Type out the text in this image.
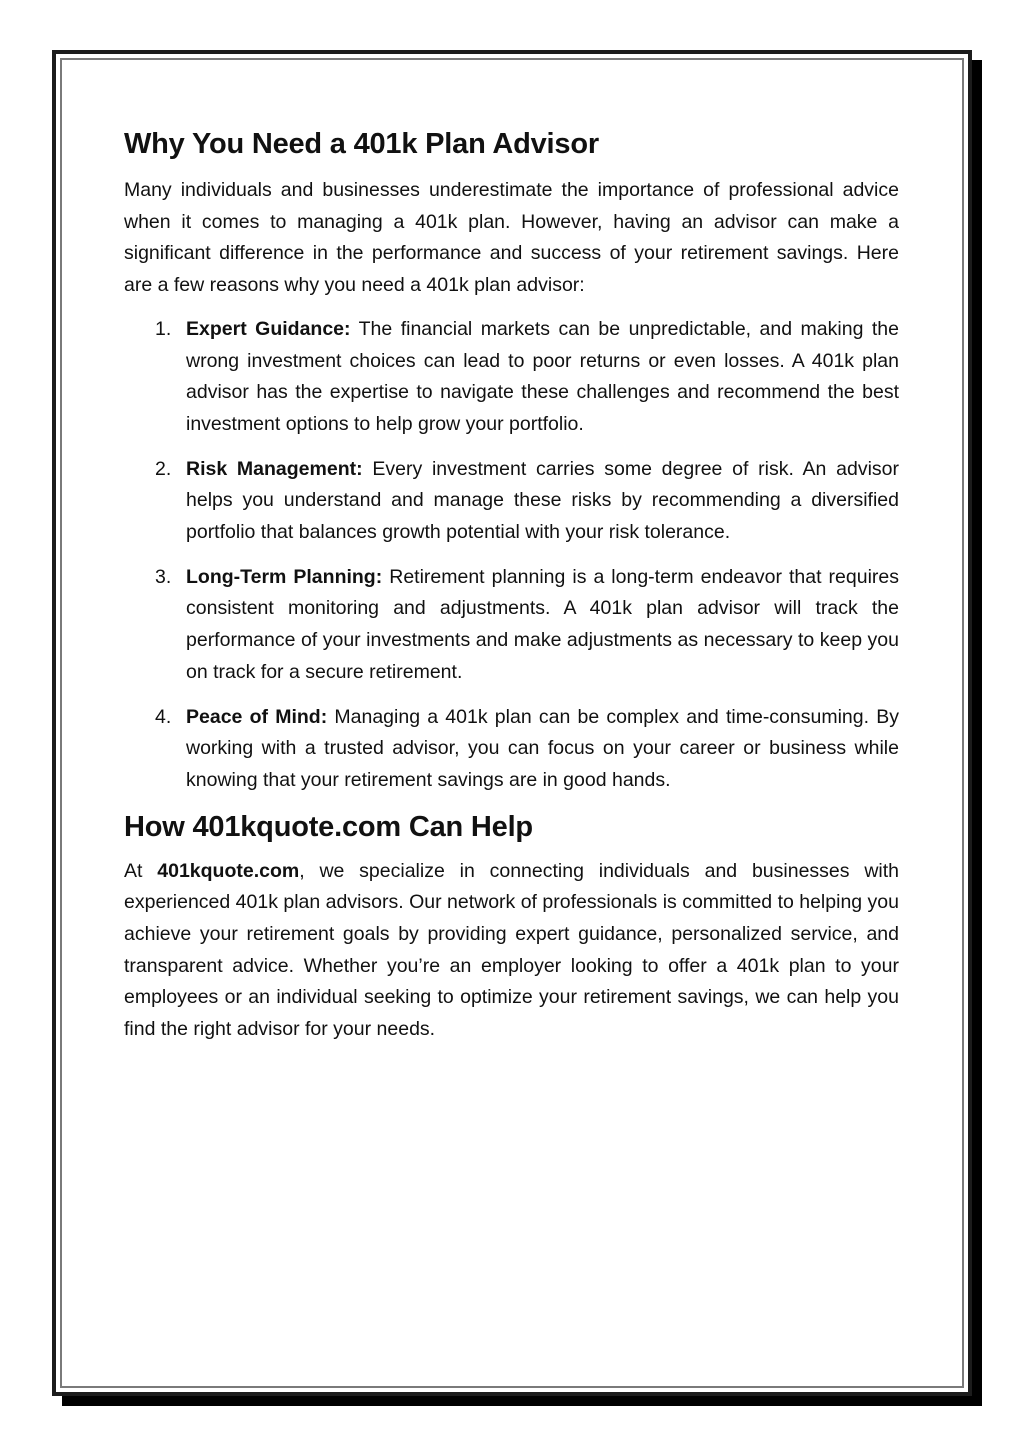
Why You Need a 401k Plan Advisor

Many individuals and businesses underestimate the importance of professional advice when it comes to managing a 401k plan. However, having an advisor can make a significant difference in the performance and success of your retirement savings. Here are a few reasons why you need a 401k plan advisor:

1. Expert Guidance: The financial markets can be unpredictable, and making the wrong investment choices can lead to poor returns or even losses. A 401k plan advisor has the expertise to navigate these challenges and recommend the best investment options to help grow your portfolio.
2. Risk Management: Every investment carries some degree of risk. An advisor helps you understand and manage these risks by recommending a diversified portfolio that balances growth potential with your risk tolerance.
3. Long-Term Planning: Retirement planning is a long-term endeavor that requires consistent monitoring and adjustments. A 401k plan advisor will track the performance of your investments and make adjustments as necessary to keep you on track for a secure retirement.
4. Peace of Mind: Managing a 401k plan can be complex and time-consuming. By working with a trusted advisor, you can focus on your career or business while knowing that your retirement savings are in good hands.
How 401kquote.com Can Help

At 401kquote.com, we specialize in connecting individuals and businesses with experienced 401k plan advisors. Our network of professionals is committed to helping you achieve your retirement goals by providing expert guidance, personalized service, and transparent advice. Whether you’re an employer looking to offer a 401k plan to your employees or an individual seeking to optimize your retirement savings, we can help you find the right advisor for your needs.
